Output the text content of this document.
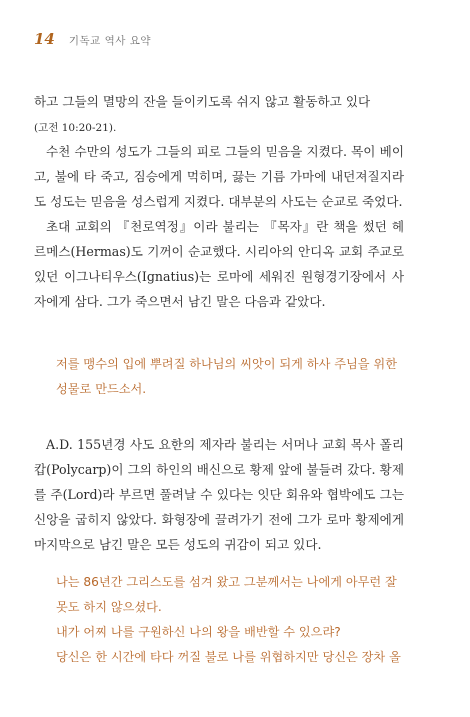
14 기독교 역사 요약

하고 그들의 멸망의 잔을 들이키도록 쉬지 않고 활동하고 있다
(고전 10:20-21).

수천 수만의 성도가 그들의 피로 그들의 믿음을 지켰다. 목이 베이고, 불에 타 죽고, 짐승에게 먹히며, 끓는 기름 가마에 내던져질지라도 성도는 믿음을 성스럽게 지켰다. 대부분의 사도는 순교로 죽었다.

초대 교회의 『천로역정』이라 불리는 『목자』란 책을 썼던 헤르메스(Hermas)도 기꺼이 순교했다. 시리아의 안디옥 교회 주교로 있던 이그나티우스(Ignatius)는 로마에 세워진 원형경기장에서 사자에게 삼다. 그가 죽으면서 남긴 말은 다음과 같았다.

저를 맹수의 입에 뿌려질 하나님의 씨앗이 되게 하사 주님을 위한 성물로 만드소서.

A.D. 155년경 사도 요한의 제자라 불리는 서머나 교회 목사 폴리캅(Polycarp)이 그의 하인의 배신으로 황제 앞에 불들려 갔다. 황제를 주(Lord)라 부르면 풀려날 수 있다는 잇단 회유와 협박에도 그는 신앙을 굽히지 않았다. 화형장에 끌려가기 전에 그가 로마 황제에게 마지막으로 남긴 말은 모든 성도의 귀감이 되고 있다.

나는 86년간 그리스도를 섬겨 왔고 그분께서는 나에게 아무런 잘못도 하지 않으셨다.

내가 어찌 나를 구원하신 나의 왕을 배반할 수 있으랴?

당신은 한 시간에 타다 꺼질 불로 나를 위협하지만 당신은 장차 올
